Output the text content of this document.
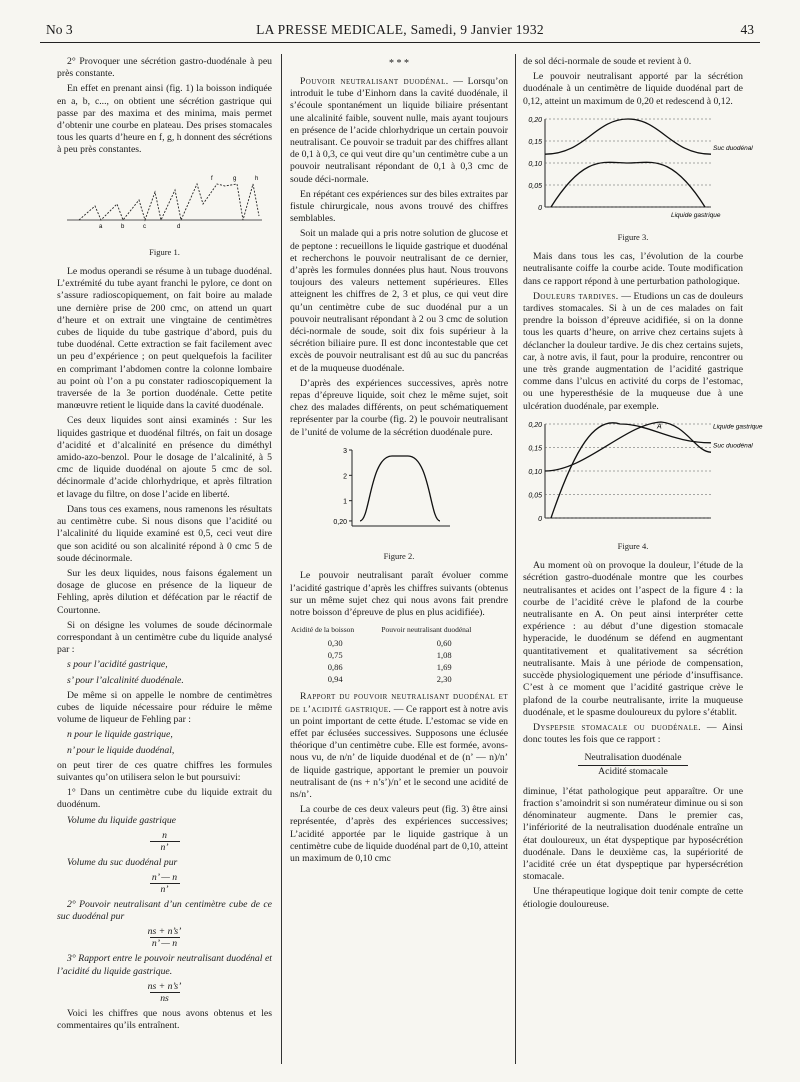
No 3	LA PRESSE MEDICALE, Samedi, 9 Janvier 1932	43

2° Provoquer une sécrétion gastro-duodénale à peu près constante.

En effet en prenant ainsi (fig. 1) la boisson indiquée en a, b, c..., on obtient une sécrétion gastrique qui passe par des maxima et des minima, mais permet d’obtenir une courbe en plateau. Des prises stomacales tous les quarts d’heure en f, g, h donnent des sécrétions à peu près constantes.

a	b	c	d
f	g	h
Figure 1.

Le modus operandi se résume à un tubage duodénal. L’extrémité du tube ayant franchi le pylore, ce dont on s’assure radioscopiquement, on fait boire au malade une dernière prise de 200 cmc, on attend un quart d’heure et on extrait une vingtaine de centimètres cubes de liquide du tube gastrique d’abord, puis du tube duodénal. Cette extraction se fait facilement avec un peu d’expérience ; on peut quelquefois la faciliter en comprimant l’abdomen contre la colonne lombaire au point où l’on a pu constater radioscopiquement la traversée de la 3e portion duodénale. Cette petite manœuvre retient le liquide dans la cavité duodénale.

Ces deux liquides sont ainsi examinés : Sur les liquides gastrique et duodénal filtrés, on fait un dosage d’acidité et d’alcalinité en présence du diméthyl amido-azo-benzol. Pour le dosage de l’alcalinité, à 5 cmc de liquide duodénal on ajoute 5 cmc de sol. décinormale d’acide chlorhydrique, et après filtration et lavage du filtre, on dose l’acide en liberté.

Dans tous ces examens, nous ramenons les résultats au centimètre cube. Si nous disons que l’acidité ou l’alcalinité du liquide examiné est 0,5, ceci veut dire que son acidité ou son alcalinité répond à 0 cmc 5 de soude décinormale.

Sur les deux liquides, nous faisons également un dosage de glucose en présence de la liqueur de Fehling, après dilution et défécation par le réactif de Courtonne.

Si on désigne les volumes de soude décinormale correspondant à un centimètre cube du liquide analysé par :

s pour l’acidité gastrique,

s’ pour l’alcalinité duodénale.

De même si on appelle le nombre de centimètres cubes de liquide nécessaire pour réduire le même volume de liqueur de Fehling par :

n pour le liquide gastrique,

n’ pour le liquide duodénal,

on peut tirer de ces quatre chiffres les formules suivantes qu’on utilisera selon le but poursuivi:

1° Dans un centimètre cube du liquide extrait du duodénum.

Volume du liquide gastrique

n
n’

Volume du suc duodénal pur

n’ — n
n’

2° Pouvoir neutralisant d’un centimètre cube de ce suc duodénal pur

ns + n’s’
n’ — n

3° Rapport entre le pouvoir neutralisant duodénal et l’acidité du liquide gastrique.

ns + n’s’
ns

Voici les chiffres que nous avons obtenus et les commentaires qu’ils entraînent.

* * *

Pouvoir neutralisant duodénal. — Lorsqu’on introduit le tube d’Einhorn dans la cavité duodénale, il s’écoule spontanément un liquide biliaire présentant une alcalinité faible, souvent nulle, mais ayant toujours en présence de l’acide chlorhydrique un certain pouvoir neutralisant. Ce pouvoir se traduit par des chiffres allant de 0,1 à 0,3, ce qui veut dire qu’un centimètre cube a un pouvoir neutralisant répondant de 0,1 à 0,3 cmc de soude déci-normale.

En répétant ces expériences sur des biles extraites par fistule chirurgicale, nous avons trouvé des chiffres semblables.

Soit un malade qui a pris notre solution de glucose et de peptone : recueillons le liquide gastrique et duodénal et recherchons le pouvoir neutralisant de ce dernier, d’après les formules données plus haut. Nous trouvons toujours des valeurs nettement supérieures. Elles atteignent les chiffres de 2, 3 et plus, ce qui veut dire qu’un centimètre cube de suc duodénal pur a un pouvoir neutralisant répondant à 2 ou 3 cmc de solution déci-normale de soude, soit dix fois supérieur à la sécrétion biliaire pure. Il est donc incontestable que cet excès de pouvoir neutralisant est dû au suc du pancréas et de la muqueuse duodénale.

D’après des expériences successives, après notre repas d’épreuve liquide, soit chez le même sujet, soit chez des malades différents, on peut schématiquement représenter par la courbe (fig. 2) le pouvoir neutralisant de l’unité de volume de la sécrétion duodénale pure.

3
2
1
0,20
Figure 2.

Le pouvoir neutralisant paraît évoluer comme l’acidité gastrique d’après les chiffres suivants (obtenus sur un même sujet chez qui nous avons fait prendre notre boisson d’épreuve de plus en plus acidifiée).

Acidité de la boisson	Pouvoir neutralisant duodénal
0,30	0,60
0,75	1,08
0,86	1,69
0,94	2,30

Rapport du pouvoir neutralisant duodénal et de l’acidité gastrique. — Ce rapport est à notre avis un point important de cette étude. L’estomac se vide en effet par éclusées successives. Supposons une éclusée théorique d’un centimètre cube. Elle est formée, avons-nous vu, de n/n’ de liquide duodénal et de (n’ — n)/n’ de liquide gastrique, apportant le premier un pouvoir neutralisant de (ns + n’s’)/n’ et le second une acidité de ns/n’.

La courbe de ces deux valeurs peut (fig. 3) être ainsi représentée, d’après des expériences successives; L’acidité apportée par le liquide gastrique à un centimètre cube de liquide duodénal part de 0,10, atteint un maximum de 0,10 cmc

de sol déci-normale de soude et revient à 0.

Le pouvoir neutralisant apporté par la sécrétion duodénale à un centimètre de liquide duodénal part de 0,12, atteint un maximum de 0,20 et redescend à 0,12.

0,20
0,15
0,10
0,05
0
Suc duodénal
Liquide gastrique
Figure 3.

Mais dans tous les cas, l’évolution de la courbe neutralisante coiffe la courbe acide. Toute modification dans ce rapport répond à une perturbation pathologique.

Douleurs tardives. — Etudions un cas de douleurs tardives stomacales. Si à un de ces malades on fait prendre la boisson d’épreuve acidifiée, si on la donne tous les quarts d’heure, on arrive chez certains sujets à déclancher la douleur tardive. Je dis chez certains sujets, car, à notre avis, il faut, pour la produire, rencontrer ou une très grande augmentation de l’acidité gastrique comme dans l’ulcus en activité du corps de l’estomac, ou une hyperesthésie de la muqueuse due à une ulcération duodénale, par exemple.

0,20
0,15
0,10
0,05
0
A	Liquide gastrique
Suc duodénal
Figure 4.

Au moment où on provoque la douleur, l’étude de la sécrétion gastro-duodénale montre que les courbes neutralisantes et acides ont l’aspect de la figure 4 : la courbe de l’acidité crève le plafond de la courbe neutralisante en A. On peut ainsi interpréter cette expérience : au début d’une digestion stomacale hyperacide, le duodénum se défend en augmentant quantitativement et qualitativement sa sécrétion neutralisante. Mais à une période de compensation, succède physiologiquement une période d’insuffisance. C’est à ce moment que l’acidité gastrique crève le plafond de la courbe neutralisante, irrite la muqueuse duodénale, et le spasme douloureux du pylore s’établit.

Dyspepsie stomacale ou duodénale. — Ainsi donc toutes les fois que ce rapport :

Neutralisation duodénale
Acidité stomacale

diminue, l’état pathologique peut apparaître. Or une fraction s’amoindrit si son numérateur diminue ou si son dénominateur augmente. Dans le premier cas, l’infériorité de la neutralisation duodénale entraîne un état douloureux, un état dyspeptique par hyposécrétion duodénale. Dans le deuxième cas, la supériorité de l’acidité crée un état dyspeptique par hypersécrétion stomacale.

Une thérapeutique logique doit tenir compte de cette étiologie douloureuse.
